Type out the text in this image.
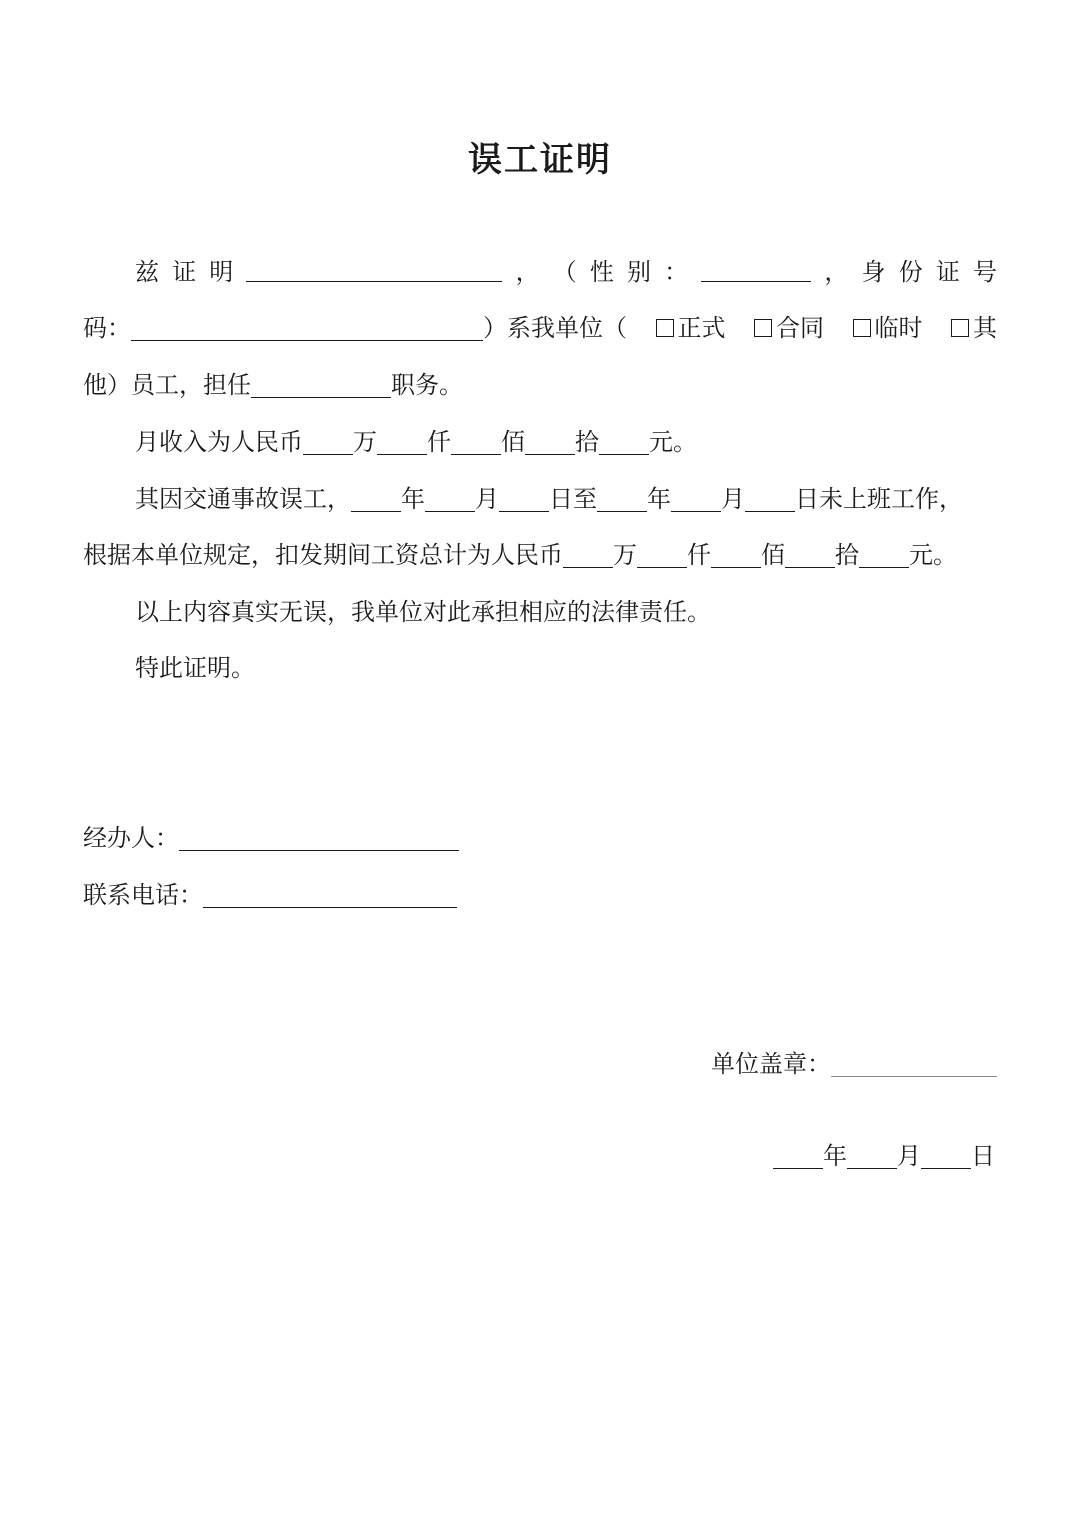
误工证明
兹 证 明	， （ 性 别 ：	， 身 份 证 号
码：	）系我单位（	正式	合同	临时	其
他）员工，担任	职务。
月收入为人民币 万 仟 佰 拾 元。
其因交通事故误工， 年 月 日至 年 月 日未上班工作，
根据本单位规定，扣发期间工资总计为人民币 万 仟 佰 拾 元。
以上内容真实无误，我单位对此承担相应的法律责任。
特此证明。
经办人：
联系电话：
单位盖章：
年 月 日
